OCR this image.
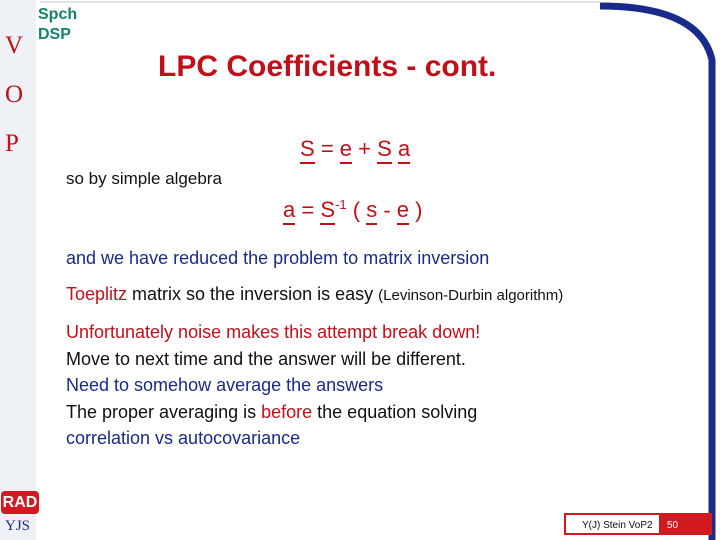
V
O
P
RAD
YJS
Spch
DSP
LPC Coefficients - cont.
S = e + S a
so by simple algebra
$a = S^{-1}$ ( s - e )
and we have reduced the problem to matrix inversion
Toeplitz matrix so the inversion is easy (Levinson-Durbin algorithm)
Unfortunately noise makes this attempt break down!
Move to next time and the answer will be different.
Need to somehow average the answers
The proper averaging is before the equation solving
correlation vs autocovariance
Y(J) Stein VoP2 50
